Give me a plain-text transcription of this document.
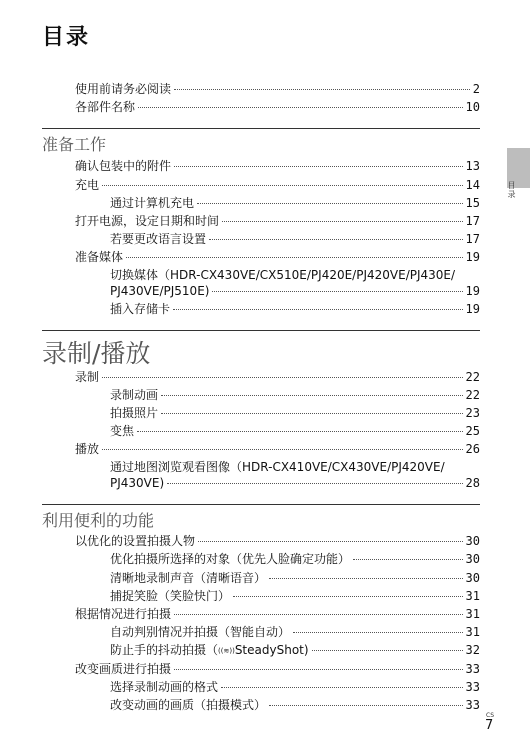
目录
目录
准备工作
录制/播放
利用便利的功能
使用前请务必阅读	2
各部件名称	10
确认包装中的附件	13
充电	14
通过计算机充电	15
打开电源，设定日期和时间	17
若要更改语言设置	17
准备媒体	19
切换媒体（HDR-CX430VE/CX510E/PJ420E/PJ420VE/PJ430E/
PJ430VE/PJ510E)	19
插入存储卡	19
录制	22
录制动画	22
拍摄照片	23
变焦	25
播放	26
通过地图浏览观看图像（HDR-CX410VE/CX430VE/PJ420VE/
PJ430VE)	28
以优化的设置拍摄人物	30
优化拍摄所选择的对象（优先人脸确定功能）	30
清晰地录制声音（清晰语音）	30
捕捉笑脸（笑脸快门）	31
根据情况进行拍摄	31
自动判别情况并拍摄（智能自动）	31
防止手的抖动拍摄（((≋))SteadyShot)	32
改变画质进行拍摄	33
选择录制动画的格式	33
改变动画的画质（拍摄模式）	33
CS
7
